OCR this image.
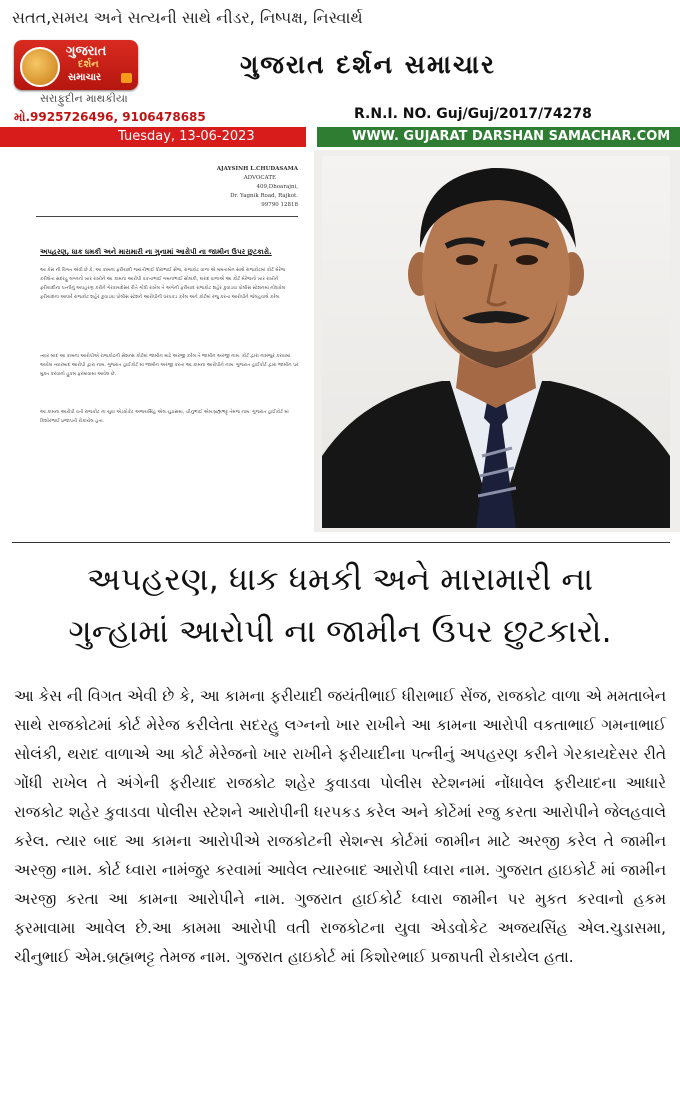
સતત,સમય અને સત્યની સાથે નીડર, નિષ્પક્ષ, નિસ્વાર્થ
ગુજરાત
દર્શન
સમાચાર	ગુજરાત દર્શન સમાચાર
સરાફુદીન માથકીયા
મો.9925726496, 9106478685	R.N.I. NO. Guj/Guj/2017/74278
Tuesday, 13-06-2023	WWW. GUJARAT DARSHAN SAMACHAR.COM
AJAYSINH L.CHUDASAMA
ADVOCATE
409,Dhoarajni,
Dr. Yagnik Road, Rajkot.
99790 12818
અપહરણ, ધાક ધમકી અને મારામારી ના ગુનામાં આરોપી ના જામીન ઉપર છુટકારો.
આ કેસ ની વિગત એવી છે કે, આ કામના ફરીયાદી જયંતીભાઈ ધીરાભાઈ સેંજ, રાજકોટ વાળા એ મમતાબેન સાથે રાજકોટમાં કોર્ટ મેરેજ કરીલેતા સદરહુ લગ્નનો ખાર રાખીને આ કામના આરોપી વકતાભાઈ ગમનાભાઈ સોલંકી, થરાદ વાળાએ આ કોર્ટ મેરેજનો ખાર રાખીને ફરીયાદીના પત્નીનું અપહરણ કરીને ગેરકાયદેસર રીતે ગોંધી રાખેલ તે અંગેની ફરીયાદ રાજકોટ શહેર કુવાડવા પોલીસ સ્ટેશનમાં નોંધાવેલ ફરીયાદના આધારે રાજકોટ શહેર કુવાડવા પોલીસ સ્ટેશને આરોપીની ધરપકડ કરેલ અને કોર્ટમાં રજુ કરતા આરોપીને જેલહવાલે કરેલ.
ત્યાર બાદ આ કામના આરોપીએ રાજકોટની સેશન્સ કોર્ટમાં જામીન માટે અરજી કરેલ તે જામીન અરજી નામ. કોર્ટ દ્વારા નામંજુર કરવામાં આવેલ ત્યારબાદ આરોપી દ્વારા નામ. ગુજરાત હાઈકોર્ટ માં જામીન અરજી કરતા આ કામના આરોપીને નામ. ગુજરાત હાઈકોર્ટ દ્વારા જામીન પર મુક્ત કરવાનો હુકમ ફરમાવામા આવેલ છે.
આ કામના આરોપી વતી રાજકોટ ના યુવા એડવોકેટ અજયસિંહ એલ.ચુડાસમા, ચીનુભાઈ એમ.બ્રહ્મભટ્ટ તેમજ નામ. ગુજરાત હાઈકોર્ટ માં કિશોરભાઈ પ્રજાપતી રોકાયેલ હતા.
અપહરણ, ધાક ધમકી અને મારામારી ના
ગુન્હામાં આરોપી ના જામીન ઉપર છુટકારો.
આ કેસ ની વિગત એવી છે કે, આ કામના ફરીયાદી જયંતીભાઈ ધીરાભાઈ સેંજ, રાજકોટ વાળા એ મમતાબેન સાથે રાજકોટમાં કોર્ટ મેરેજ કરીલેતા સદરહુ લગ્નનો ખાર રાખીને આ કામના આરોપી વકતાભાઈ ગમનાભાઈ સોલંકી, થરાદ વાળાએ આ કોર્ટ મેરેજનો ખાર રાખીને ફરીયાદીના પત્નીનું અપહરણ કરીને ગેરકાયદેસર રીતે ગોંધી રાખેલ તે અંગેની ફરીયાદ રાજકોટ શહેર કુવાડવા પોલીસ સ્ટેશનમાં નોંધાવેલ ફરીયાદના આધારે રાજકોટ શહેર કુવાડવા પોલીસ સ્ટેશને આરોપીની ધરપકડ કરેલ અને કોર્ટેમાં રજુ કરતા આરોપીને જેલહવાલે કરેલ. ત્યાર બાદ આ કામના આરોપીએ રાજકોટની સેશન્સ કોર્ટમાં જામીન માટે અરજી કરેલ તે જામીન અરજી નામ. કોર્ટ ધ્વારા નામંજુર કરવામાં આવેલ ત્યારબાદ આરોપી ધ્વારા નામ. ગુજરાત હાઇકોર્ટ માં જામીન અરજી કરતા આ કામના આરોપીને નામ. ગુજરાત હાઈકોર્ટ ધ્વારા જામીન પર મુકત કરવાનો હકમ ફરમાવામા આવેલ છે.આ કામમા આરોપી વતી રાજકોટના યુવા એડવોકેટ અજયસિંહ એલ.ચુડાસમા, ચીનુભાઈ એમ.બ્રહ્મભટ્ટ તેમજ નામ. ગુજરાત હાઇકોર્ટ માં કિશોરભાઈ પ્રજાપતી રોકાયેલ હતા.
